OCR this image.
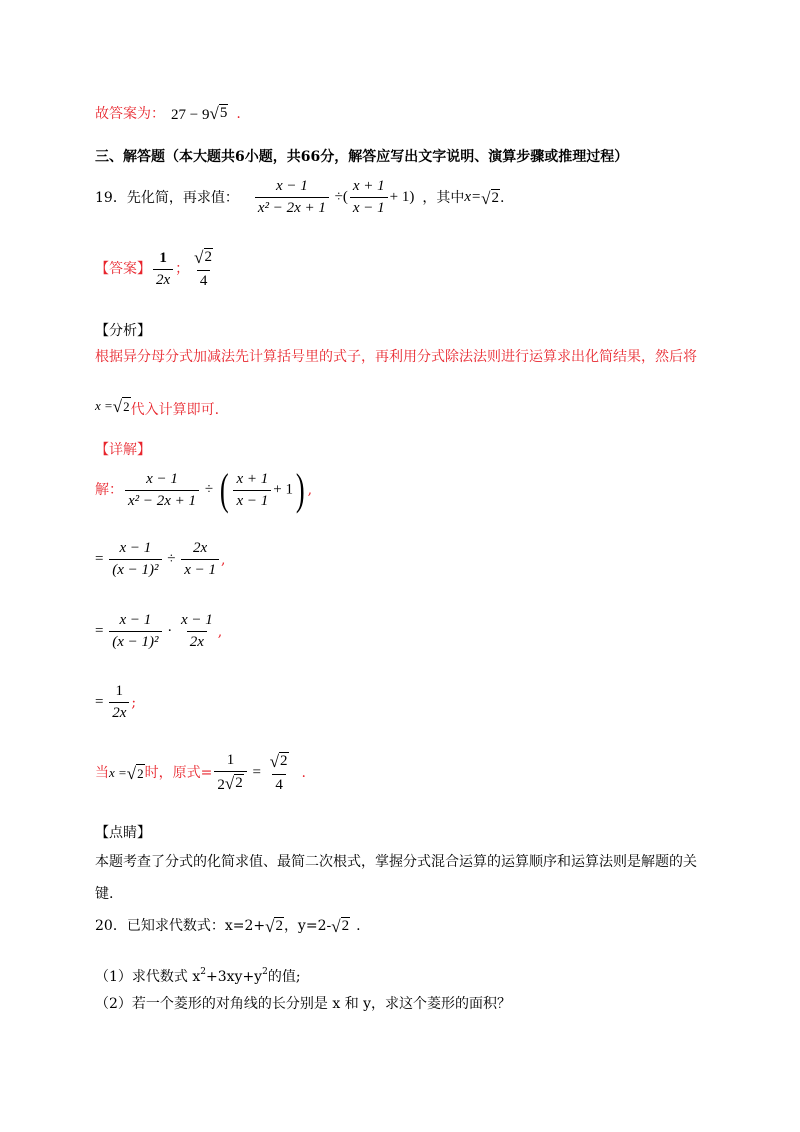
故答案为： 27 − 9 √ 5 .
三、解答题（本大题共6小题，共66分，解答应写出文字说明、演算步骤或推理过程）
19． 先化简，再求值： $\frac{x - 1}{\text{x² − 2x + 1}}$ ÷( $\frac{x + 1}{x - 1} + 1$) ，其中 x= √ 2 .
【答案】 $\frac{1}{2x}$ ； $\frac{√ 2}{4}$
【分析】
根据异分母分式加减法先计算括号里的式子，再利用分式除法法则进行运算求出化简结果，然后将
x = √ 2 代入计算即可.
【详解】
解： $\frac{x - 1}{\text{x² − 2x + 1}}$ ÷ ( $\frac{x + 1}{x - 1} + 1$) ,
= $\frac{x - 1}{\text{(x − 1)²}} \div \frac{2x}{x - 1}$ ,
= $\frac{x - 1}{\text{(x − 1)²}} \cdot \frac{x - 1}{2x}$ ,
= $\frac{1}{2x}$ ;
当 x = √ 2 时，原式= $\frac{1}{2 √ 2} = \frac{√ 2}{4}$ .
【点睛】
本题考查了分式的化简求值、最简二次根式，掌握分式混合运算的运算顺序和运算法则是解题的关
键.
20． 已知求代数式：x=2+ √ 2 ，y=2- √ 2 .
（1）求代数式 $x^2+3xy+y^2$的值;
（2）若一个菱形的对角线的长分别是 x 和 y，求这个菱形的面积？
